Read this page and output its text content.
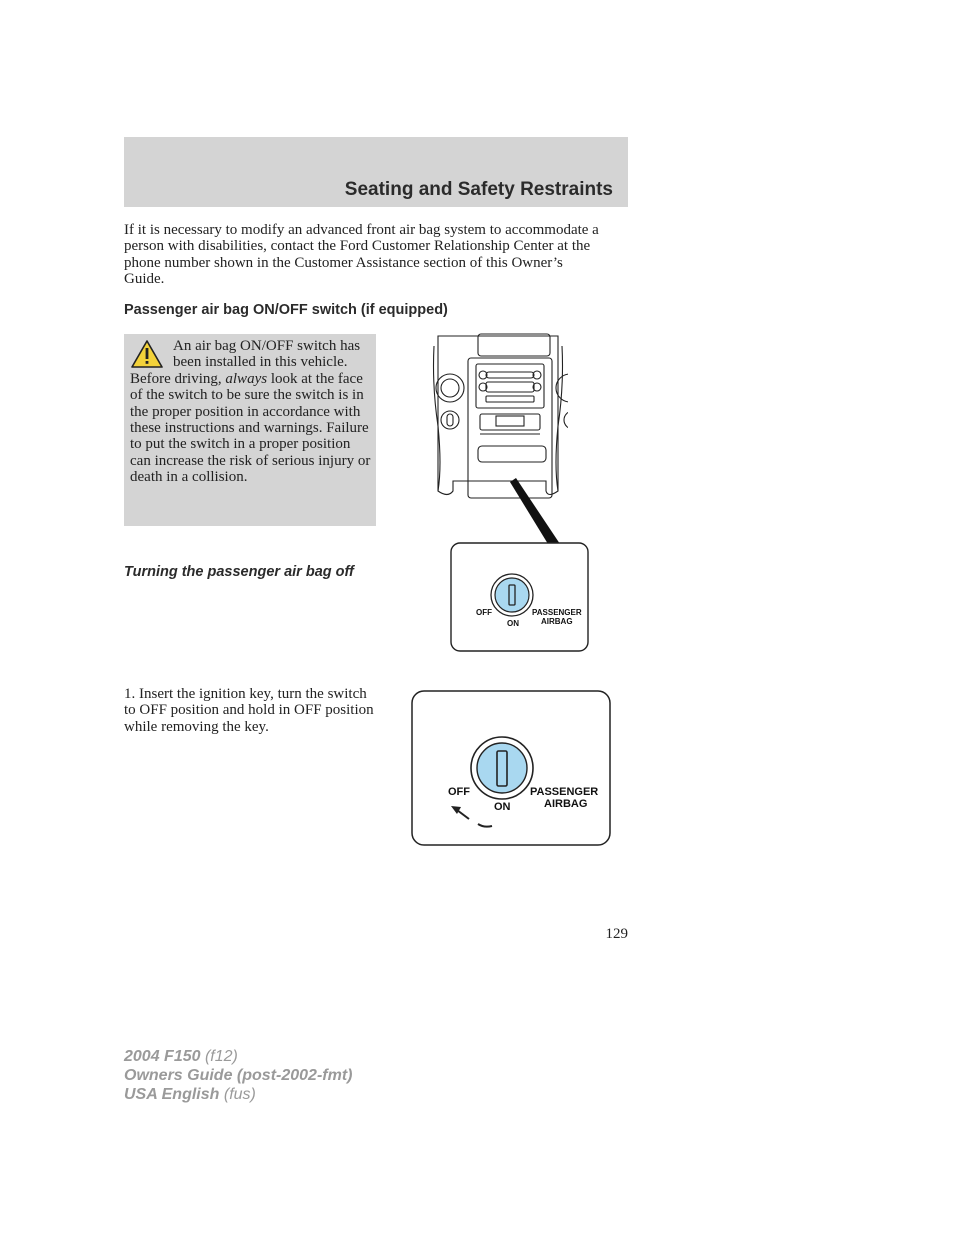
Seating and Safety Restraints

If it is necessary to modify an advanced front air bag system to accommodate a person with disabilities, contact the Ford Customer Relationship Center at the phone number shown in the Customer Assistance section of this Owner’s Guide.

Passenger air bag ON/OFF switch (if equipped)

An air bag ON/OFF switch has been installed in this vehicle. Before driving, always look at the face of the switch to be sure the switch is in the proper position in accordance with these instructions and warnings. Failure to put the switch in a proper position can increase the risk of serious injury or death in a collision.

Turning the passenger air bag off

1. Insert the ignition key, turn the switch to OFF position and hold in OFF position while removing the key.

OFF
ON
PASSENGER
AIRBAG
OFF
ON
PASSENGER
AIRBAG
129
2004 F150 (f12)
Owners Guide (post-2002-fmt)
USA English (fus)
